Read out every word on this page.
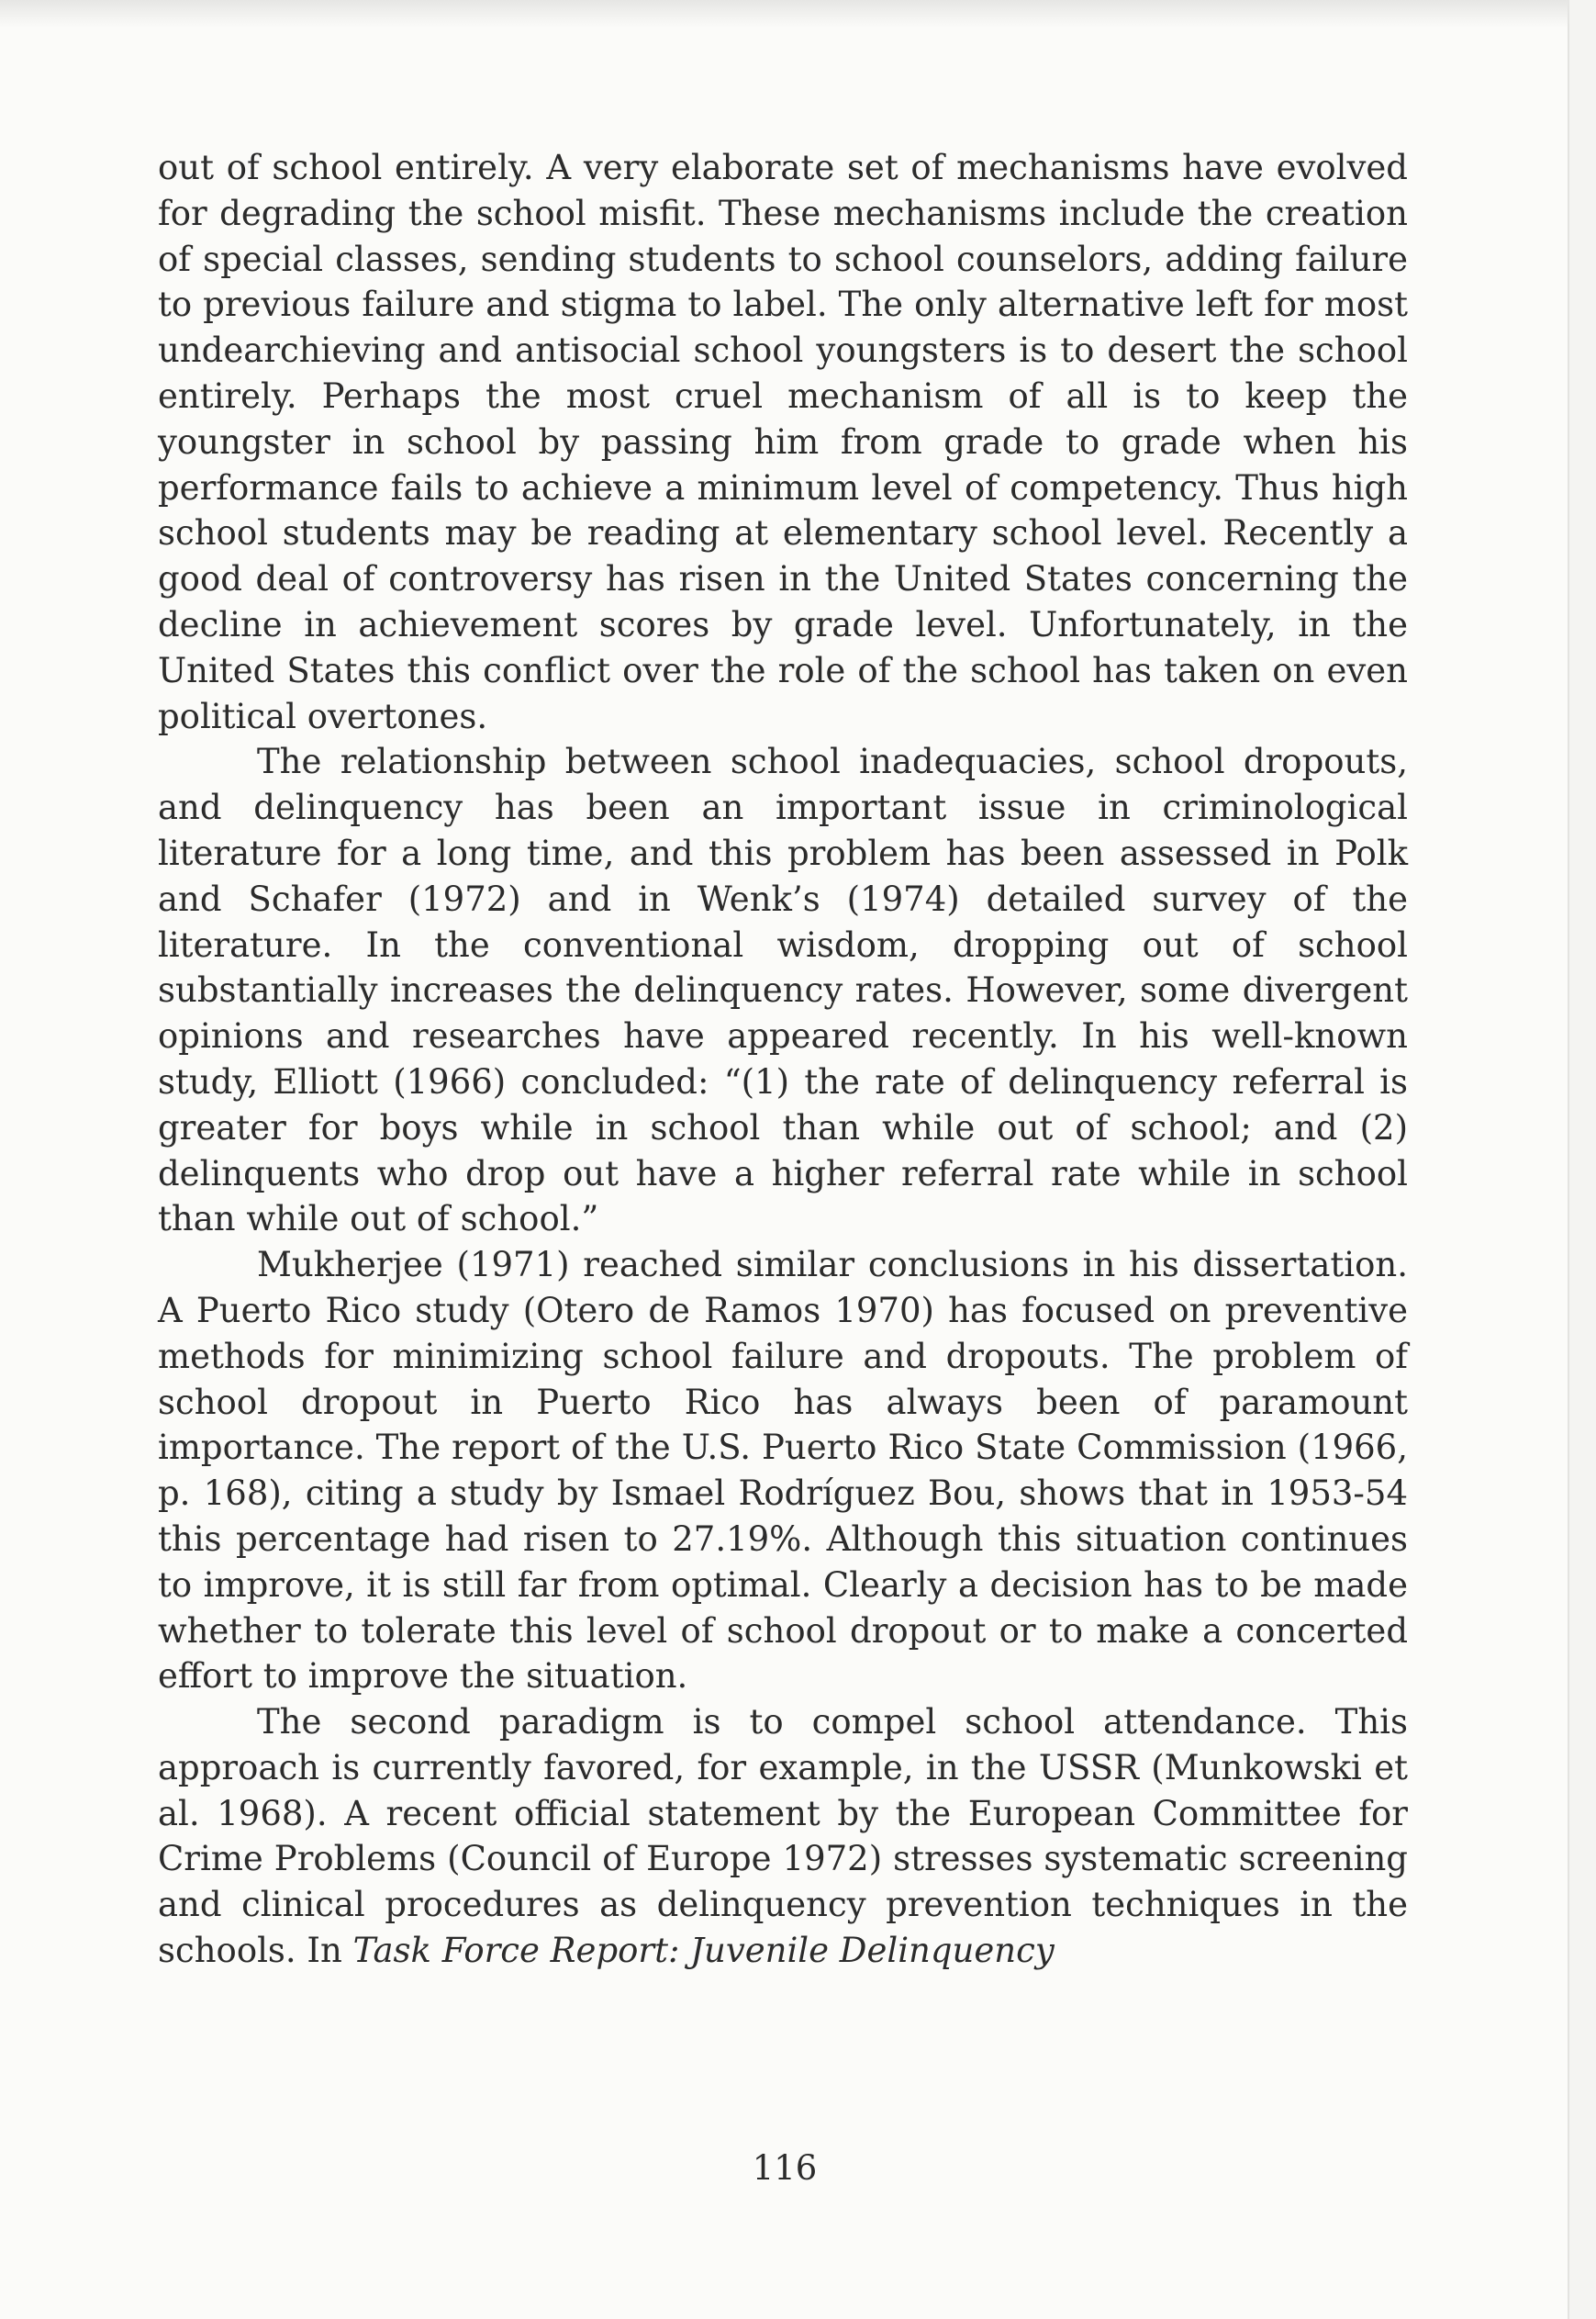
out of school entirely. A very elaborate set of mechanisms have evolved for degrading the school misfit. These mechanisms include the creation of special classes, sending students to school counselors, adding failure to previous failure and stigma to label. The only alternative left for most undearchieving and antisocial school youngsters is to desert the school entirely. Perhaps the most cruel mechanism of all is to keep the youngster in school by passing him from grade to grade when his performance fails to achieve a minimum level of competency. Thus high school students may be reading at elementary school level. Recently a good deal of controversy has risen in the United States concerning the decline in achievement scores by grade level. Unfortunately, in the United States this conflict over the role of the school has taken on even political overtones.

The relationship between school inadequacies, school dropouts, and delinquency has been an important issue in criminological literature for a long time, and this problem has been assessed in Polk and Schafer (1972) and in Wenk’s (1974) detailed survey of the literature. In the conventional wisdom, dropping out of school substantially increases the delinquency rates. However, some divergent opinions and researches have appeared recently. In his well-known study, Elliott (1966) concluded: “(1) the rate of delinquency referral is greater for boys while in school than while out of school; and (2) delinquents who drop out have a higher referral rate while in school than while out of school.”

Mukherjee (1971) reached similar conclusions in his dissertation. A Puerto Rico study (Otero de Ramos 1970) has focused on preventive methods for minimizing school failure and dropouts. The problem of school dropout in Puerto Rico has always been of paramount importance. The report of the U.S. Puerto Rico State Commission (1966, p. 168), citing a study by Ismael Rodríguez Bou, shows that in 1953-54 this percentage had risen to 27.19%. Although this situation continues to improve, it is still far from optimal. Clearly a decision has to be made whether to tolerate this level of school dropout or to make a concerted effort to improve the situation.

The second paradigm is to compel school attendance. This approach is currently favored, for example, in the USSR (Munkowski et al. 1968). A recent official statement by the European Committee for Crime Problems (Council of Europe 1972) stresses systematic screening and clinical procedures as delinquency prevention techniques in the schools. In Task Force Report: Juvenile Delinquency

116
